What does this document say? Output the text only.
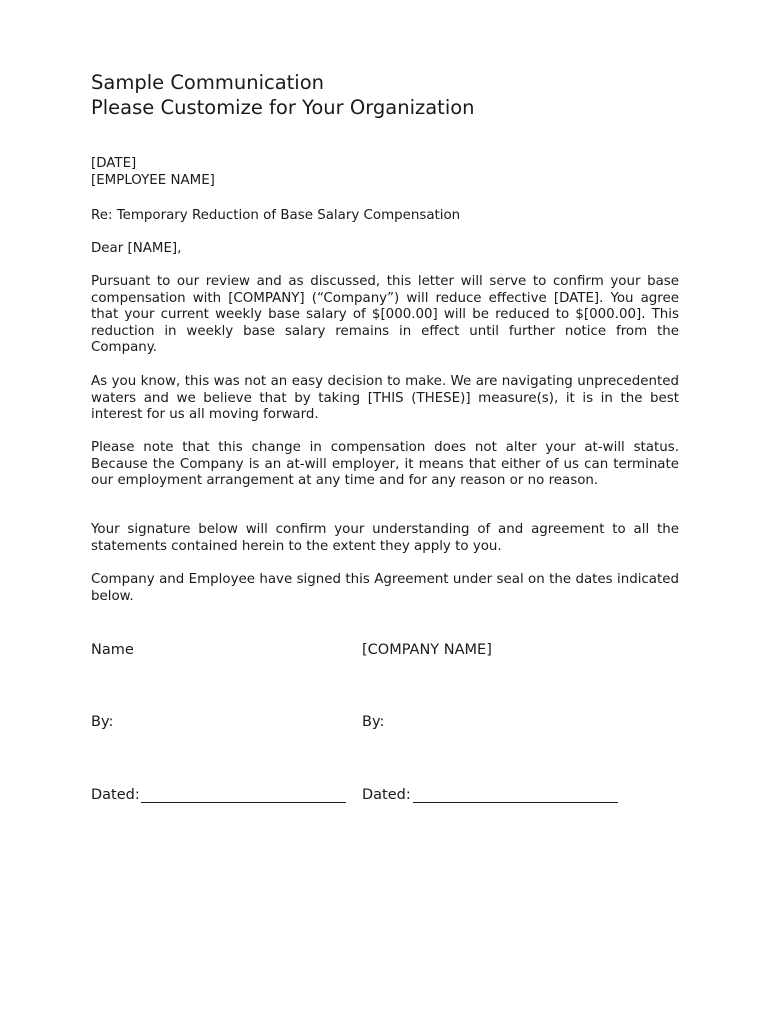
Sample Communication
Please Customize for Your Organization
[DATE]
[EMPLOYEE NAME]
Re: Temporary Reduction of Base Salary Compensation
Dear [NAME],
Pursuant to our review and as discussed, this letter will serve to confirm your base compensation with [COMPANY] (“Company”) will reduce effective [DATE]. You agree that your current weekly base salary of $[000.00] will be reduced to $[000.00]. This reduction in weekly base salary remains in effect until further notice from the Company.
As you know, this was not an easy decision to make. We are navigating unprecedented waters and we believe that by taking [THIS (THESE)] measure(s), it is in the best interest for us all moving forward.
Please note that this change in compensation does not alter your at-will status. Because the Company is an at-will employer, it means that either of us can terminate our employment arrangement at any time and for any reason or no reason.
Your signature below will confirm your understanding of and agreement to all the statements contained herein to the extent they apply to you.
Company and Employee have signed this Agreement under seal on the dates indicated below.
Name	[COMPANY NAME]
By:	By:
Dated:	Dated:
